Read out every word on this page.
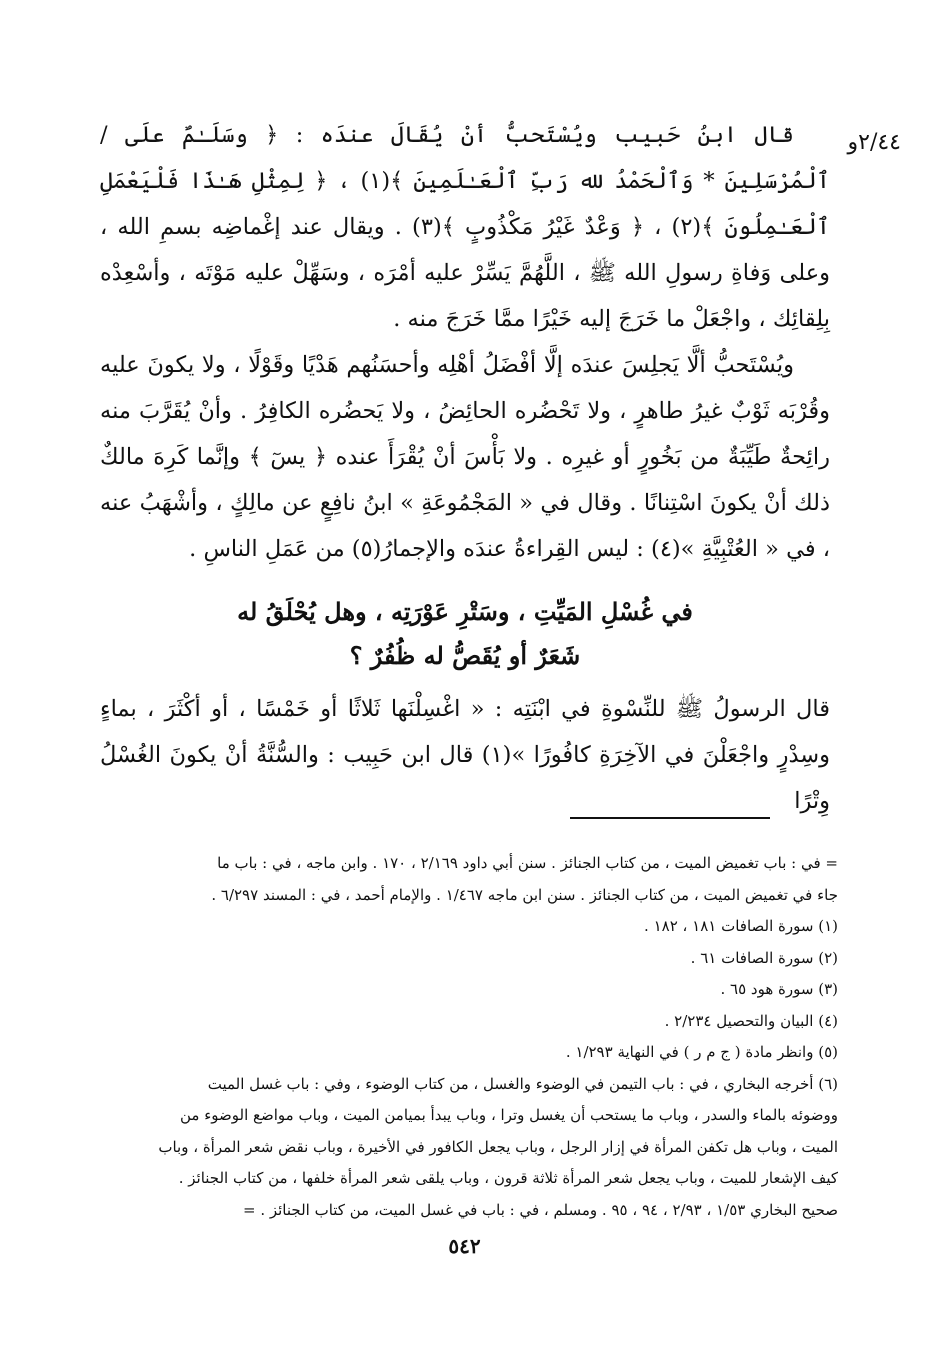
٢/٤٤و

قال ابنُ حَبيب ويُسْتَحبُّ أنْ يُقَالَ عندَه : ﴿ وسَلَـٰمٌ علَى / ٱلْمُرْسَلِينَ * وَٱلْحَمْدُ لله رَبِّ ٱلْعَـٰلَمِينَ ﴾(١) ، ﴿ لِمِثْلِ هَـٰذَا فَلْيَعْمَلِ ٱلْعَـٰمِلُونَ ﴾(٢) ، ﴿ وَعْدٌ غَيْرُ مَكْذُوبٍ ﴾(٣) . ويقال عند إغْماضِه بسمِ الله ، وعلى وَفاةِ رسولِ الله ﷺ ، اللَّهُمَّ يَسِّرْ عليه أمْرَه ، وسَهِّلْ عليه مَوْتَه ، وأسْعِدْه بِلِقائِك ، واجْعَلْ ما خَرَجَ إليه خَيْرًا ممَّا خَرَجَ منه .

ويُسْتَحبُّ ألَّا يَجلِسَ عندَه إلَّا أفْضَلُ أهْلِه وأحسَنُهم هَدْيًا وقَوْلًا ، ولا يكونَ عليه وقُرْبَه ثَوْبٌ غيرُ طاهرٍ ، ولا تَحْضُره الحائِضُ ، ولا يَحضُره الكافِرُ . وأنْ يُقَرَّبَ منه رائِحةٌ طَيِّبَةٌ من بَخُورٍ أو غيرِه . ولا بَأْسَ أنْ يُقْرَأَ عنده ﴿ يسٓ ﴾ وإنَّما كَرِهَ مالكٌ ذلك أنْ يكونَ اسْتِنانًا . وقال في « المَجْمُوعَةِ » ابنُ نافِعٍ عن مالِكٍ ، وأشْهَبُ عنه ، في « العُتْبِيَّةِ »(٤) : ليس القِراءةُ عندَه والإجمارُ(٥) من عَمَلِ الناسِ .

في غُسْلِ المَيِّتِ ، وسَتْرِ عَوْرَتِه ، وهل يُحْلَقُ له
شَعَرٌ أو يُقَصُّ له ظُفُرٌ ؟

قال الرسولُ ﷺ للنِّسْوةِ في ابْنَتِه : « اغْسِلْنَها ثَلاثًا أو خَمْسًا ، أو أكْثَرَ ، بماءٍ وسِدْرٍ واجْعَلْنَ في الآخِرَةِ كافُورًا »(١) قال ابن حَبِيب : والسُّنَّةُ أنْ يكونَ الغُسْلُ وِتْرًا

= في : باب تغميض الميت ، من كتاب الجنائز . سنن أبي داود ٢/١٦٩ ، ١٧٠ . وابن ماجه ، في : باب ما
جاء في تغميض الميت ، من كتاب الجنائز . سنن ابن ماجه ١/٤٦٧ . والإمام أحمد ، في : المسند ٦/٢٩٧ .
(١) سورة الصافات ١٨١ ، ١٨٢ .
(٢) سورة الصافات ٦١ .
(٣) سورة هود ٦٥ .
(٤) البيان والتحصيل ٢/٢٣٤ .
(٥) وانظر مادة ( ج م ر ) في النهاية ١/٢٩٣ .
(٦) أخرجه البخاري ، في : باب التيمن في الوضوء والغسل ، من كتاب الوضوء ، وفي : باب غسل الميت
ووضوئه بالماء والسدر ، وباب ما يستحب أن يغسل وترا ، وباب يبدأ بميامن الميت ، وباب مواضع الوضوء من
الميت ، وباب هل تكفن المرأة في إزار الرجل ، وباب يجعل الكافور في الأخيرة ، وباب نقض شعر المرأة ، وباب
كيف الإشعار للميت ، وباب يجعل شعر المرأة ثلاثة قرون ، وباب يلقى شعر المرأة خلفها ، من كتاب الجنائز .
صحيح البخاري ١/٥٣ ، ٢/٩٣ ، ٩٤ ، ٩٥ . ومسلم ، في : باب في غسل الميت، من كتاب الجنائز . =
٥٤٢
